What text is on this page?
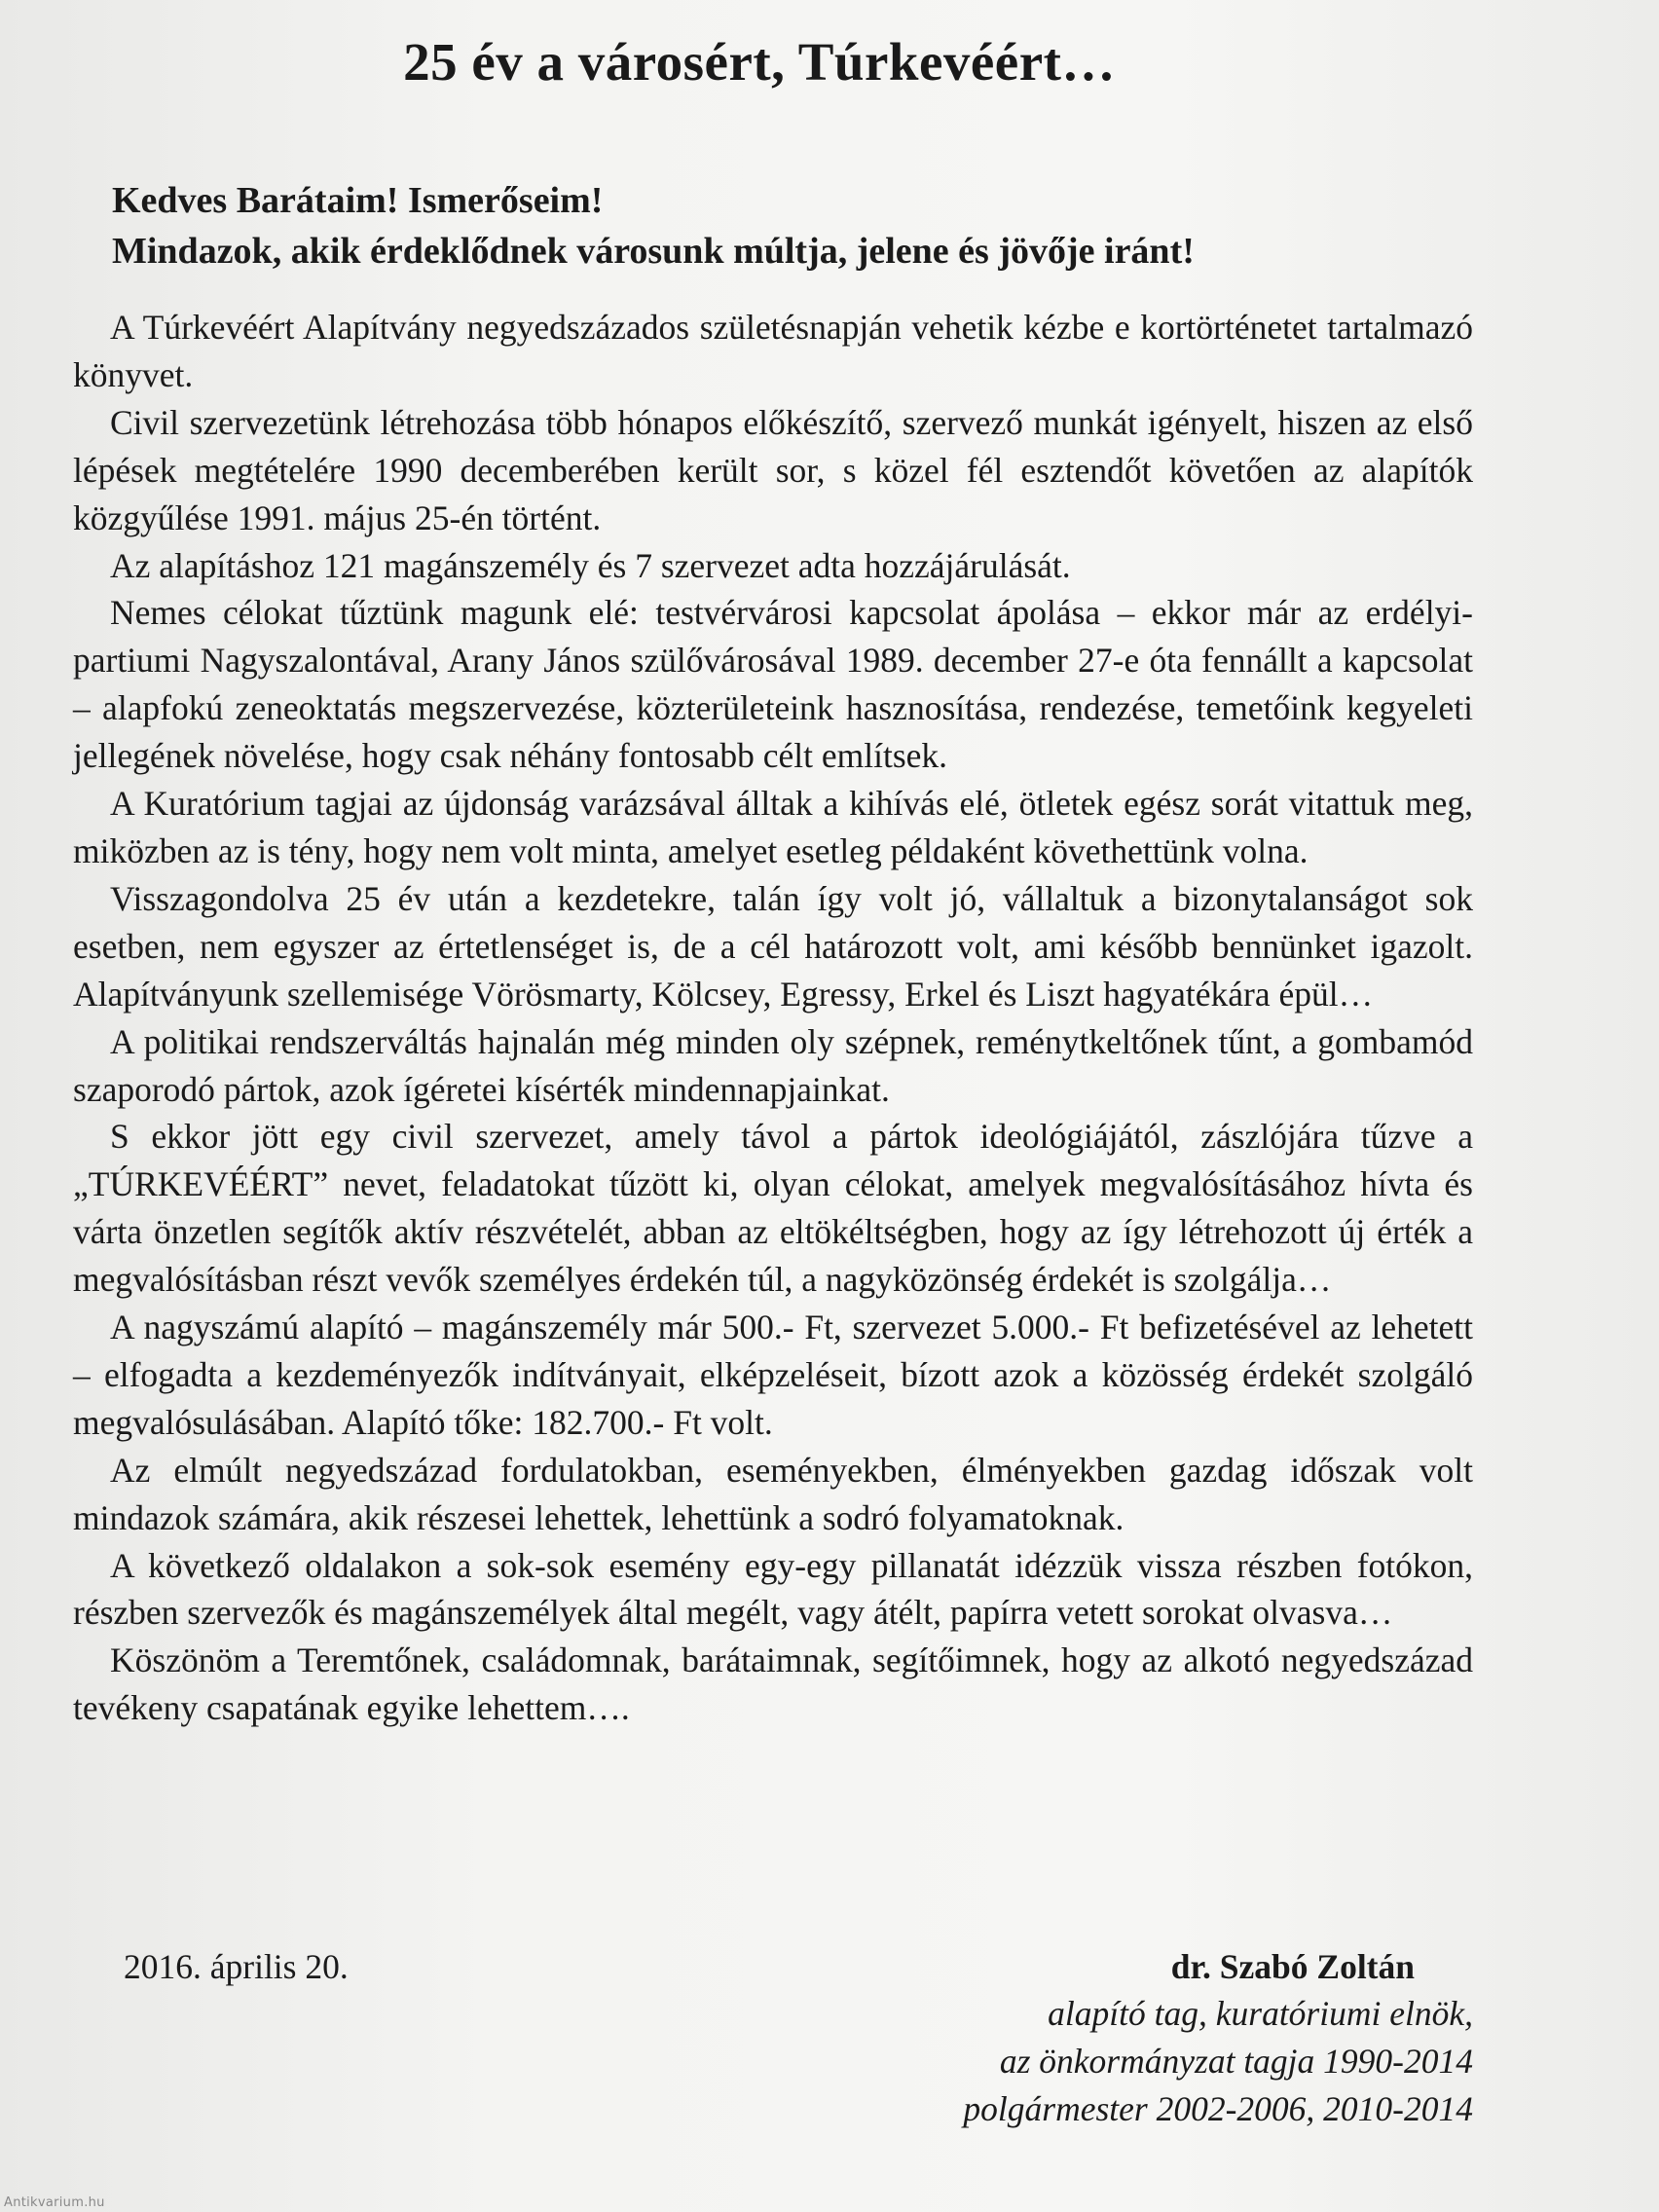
25 év a városért, Túrkevéért…
Kedves Barátaim! Ismerőseim!
Mindazok, akik érdeklődnek városunk múltja, jelene és jövője iránt!

A Túrkevéért Alapítvány negyedszázados születésnapján vehetik kézbe e kortörténetet tartalmazó könyvet.

Civil szervezetünk létrehozása több hónapos előkészítő, szervező munkát igényelt, hiszen az első lépések megtételére 1990 decemberében került sor, s közel fél esztendőt követően az alapítók közgyűlése 1991. május 25-én történt.

Az alapításhoz 121 magánszemély és 7 szervezet adta hozzájárulását.

Nemes célokat tűztünk magunk elé: testvérvárosi kapcsolat ápolása – ekkor már az erdélyi-partiumi Nagyszalontával, Arany János szülővárosával 1989. december 27-e óta fennállt a kapcsolat – alapfokú zeneoktatás megszervezése, közterületeink hasznosítása, rendezése, temetőink kegyeleti jellegének növelése, hogy csak néhány fontosabb célt említsek.

A Kuratórium tagjai az újdonság varázsával álltak a kihívás elé, ötletek egész sorát vitattuk meg, miközben az is tény, hogy nem volt minta, amelyet esetleg példaként követhettünk volna.

Visszagondolva 25 év után a kezdetekre, talán így volt jó, vállaltuk a bizonytalanságot sok esetben, nem egyszer az értetlenséget is, de a cél határozott volt, ami később bennünket igazolt. Alapítványunk szellemisége Vörösmarty, Kölcsey, Egressy, Erkel és Liszt hagyatékára épül…

A politikai rendszerváltás hajnalán még minden oly szépnek, reménytkeltőnek tűnt, a gombamód szaporodó pártok, azok ígéretei kísérték mindennapjainkat.

S ekkor jött egy civil szervezet, amely távol a pártok ideológiájától, zászlójára tűzve a „TÚRKEVÉÉRT” nevet, feladatokat tűzött ki, olyan célokat, amelyek megvalósításához hívta és várta önzetlen segítők aktív részvételét, abban az eltökéltségben, hogy az így létrehozott új érték a megvalósításban részt vevők személyes érdekén túl, a nagyközönség érdekét is szolgálja…

A nagyszámú alapító – magánszemély már 500.- Ft, szervezet 5.000.- Ft befizetésével az lehetett – elfogadta a kezdeményezők indítványait, elképzeléseit, bízott azok a közösség érdekét szolgáló megvalósulásában. Alapító tőke: 182.700.- Ft volt.

Az elmúlt negyedszázad fordulatokban, eseményekben, élményekben gazdag időszak volt mindazok számára, akik részesei lehettek, lehettünk a sodró folyamatoknak.

A következő oldalakon a sok-sok esemény egy-egy pillanatát idézzük vissza részben fotókon, részben szervezők és magánszemélyek által megélt, vagy átélt, papírra vetett sorokat olvasva…

Köszönöm a Teremtőnek, családomnak, barátaimnak, segítőimnek, hogy az alkotó negyedszázad tevékeny csapatának egyike lehettem….

2016. április 20.	dr. Szabó Zoltán
alapító tag, kuratóriumi elnök,
az önkormányzat tagja 1990-2014
polgármester 2002-2006, 2010-2014
Antikvarium.hu
